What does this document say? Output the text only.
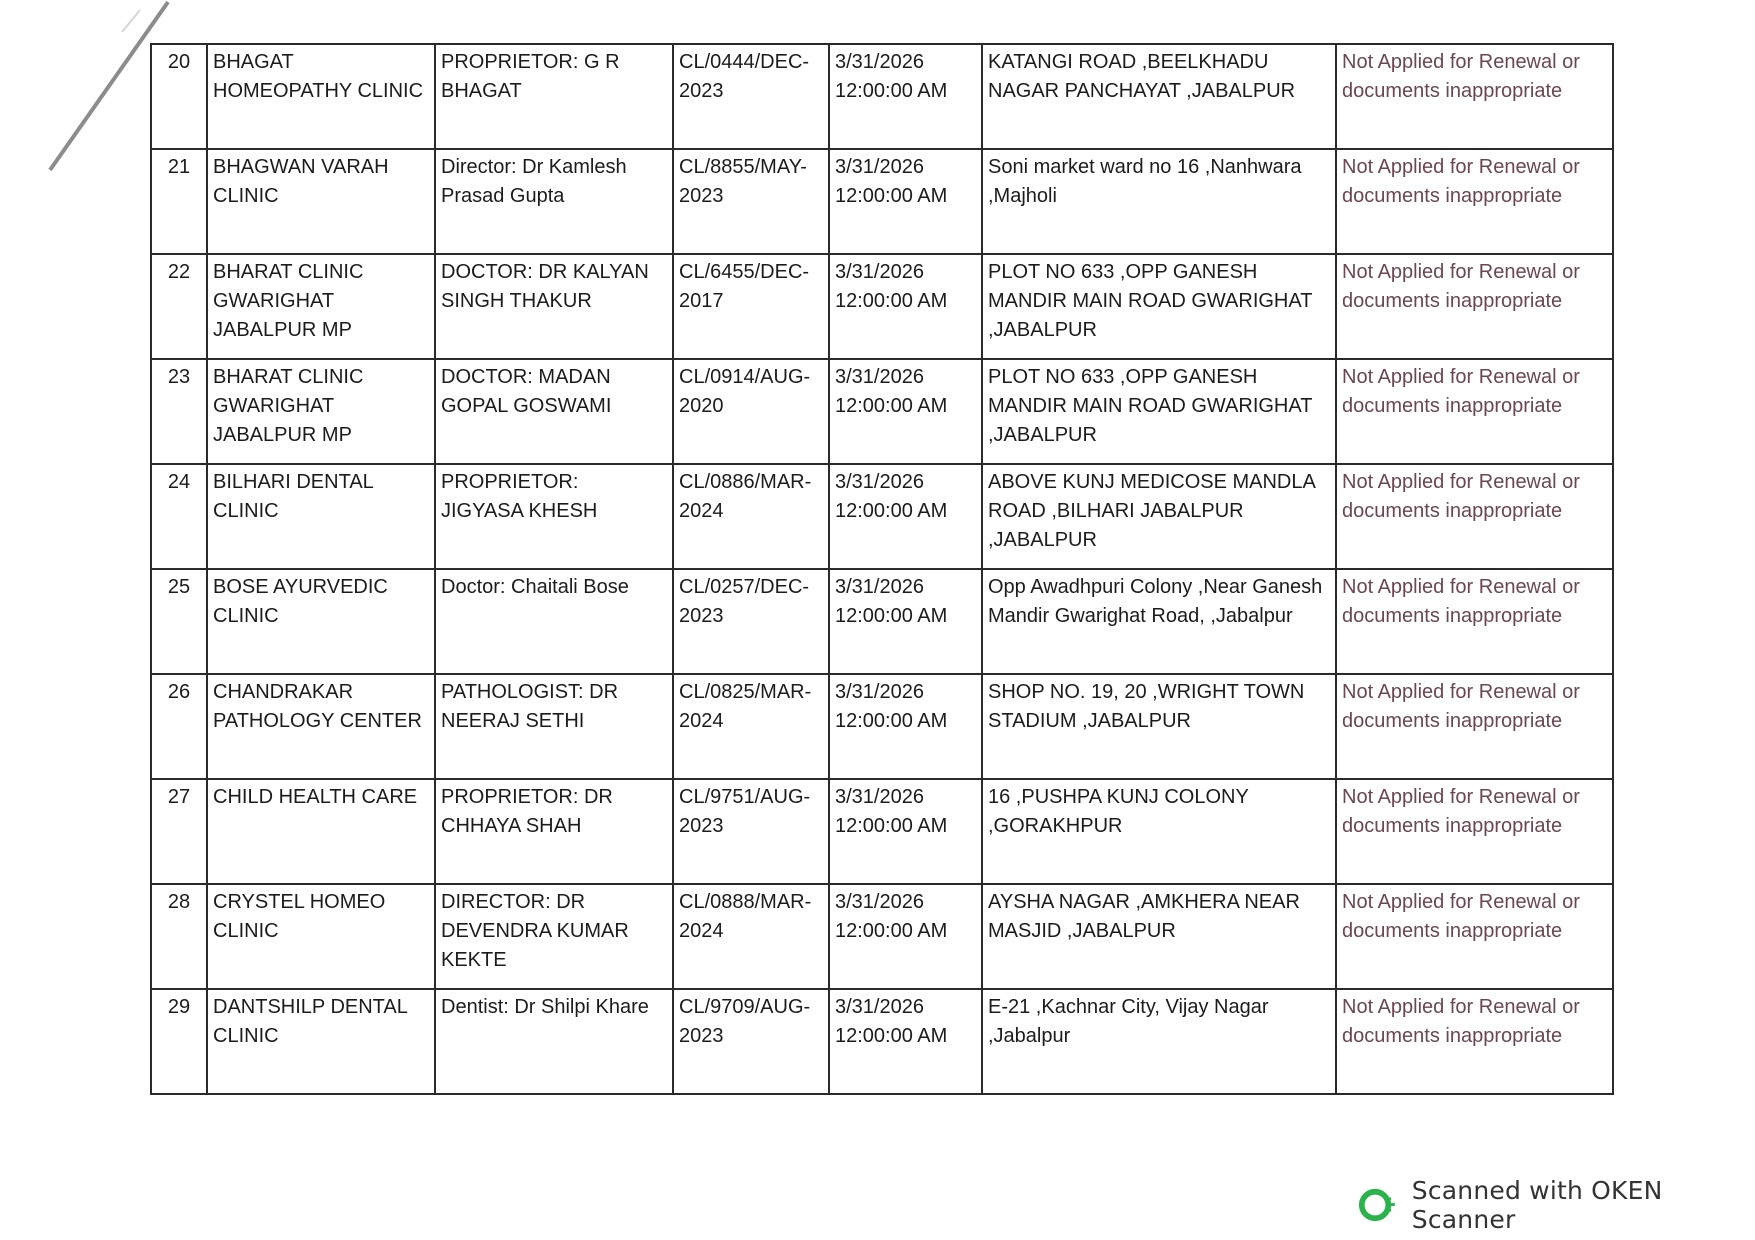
20	BHAGAT HOMEOPATHY CLINIC	PROPRIETOR: G R BHAGAT	CL/0444/DEC-2023	3/31/2026 12:00:00 AM	KATANGI ROAD ,BEELKHADU NAGAR PANCHAYAT ,JABALPUR	Not Applied for Renewal or documents inappropriate
21	BHAGWAN VARAH CLINIC	Director: Dr Kamlesh Prasad Gupta	CL/8855/MAY-2023	3/31/2026 12:00:00 AM	Soni market ward no 16 ,Nanhwara ,Majholi	Not Applied for Renewal or documents inappropriate
22	BHARAT CLINIC GWARIGHAT JABALPUR MP	DOCTOR: DR KALYAN SINGH THAKUR	CL/6455/DEC-2017	3/31/2026 12:00:00 AM	PLOT NO 633 ,OPP GANESH MANDIR MAIN ROAD GWARIGHAT ,JABALPUR	Not Applied for Renewal or documents inappropriate
23	BHARAT CLINIC GWARIGHAT JABALPUR MP	DOCTOR: MADAN GOPAL GOSWAMI	CL/0914/AUG-2020	3/31/2026 12:00:00 AM	PLOT NO 633 ,OPP GANESH MANDIR MAIN ROAD GWARIGHAT ,JABALPUR	Not Applied for Renewal or documents inappropriate
24	BILHARI DENTAL CLINIC	PROPRIETOR: JIGYASA KHESH	CL/0886/MAR-2024	3/31/2026 12:00:00 AM	ABOVE KUNJ MEDICOSE MANDLA ROAD ,BILHARI JABALPUR ,JABALPUR	Not Applied for Renewal or documents inappropriate
25	BOSE AYURVEDIC CLINIC	Doctor: Chaitali Bose	CL/0257/DEC-2023	3/31/2026 12:00:00 AM	Opp Awadhpuri Colony ,Near Ganesh Mandir Gwarighat Road, ,Jabalpur	Not Applied for Renewal or documents inappropriate
26	CHANDRAKAR PATHOLOGY CENTER	PATHOLOGIST: DR NEERAJ SETHI	CL/0825/MAR-2024	3/31/2026 12:00:00 AM	SHOP NO. 19, 20 ,WRIGHT TOWN STADIUM ,JABALPUR	Not Applied for Renewal or documents inappropriate
27	CHILD HEALTH CARE	PROPRIETOR: DR CHHAYA SHAH	CL/9751/AUG-2023	3/31/2026 12:00:00 AM	16 ,PUSHPA KUNJ COLONY ,GORAKHPUR	Not Applied for Renewal or documents inappropriate
28	CRYSTEL HOMEO CLINIC	DIRECTOR: DR DEVENDRA KUMAR KEKTE	CL/0888/MAR-2024	3/31/2026 12:00:00 AM	AYSHA NAGAR ,AMKHERA NEAR MASJID ,JABALPUR	Not Applied for Renewal or documents inappropriate
29	DANTSHILP DENTAL CLINIC	Dentist: Dr Shilpi Khare	CL/9709/AUG-2023	3/31/2026 12:00:00 AM	E-21 ,Kachnar City, Vijay Nagar ,Jabalpur	Not Applied for Renewal or documents inappropriate
Scanned with OKEN Scanner
